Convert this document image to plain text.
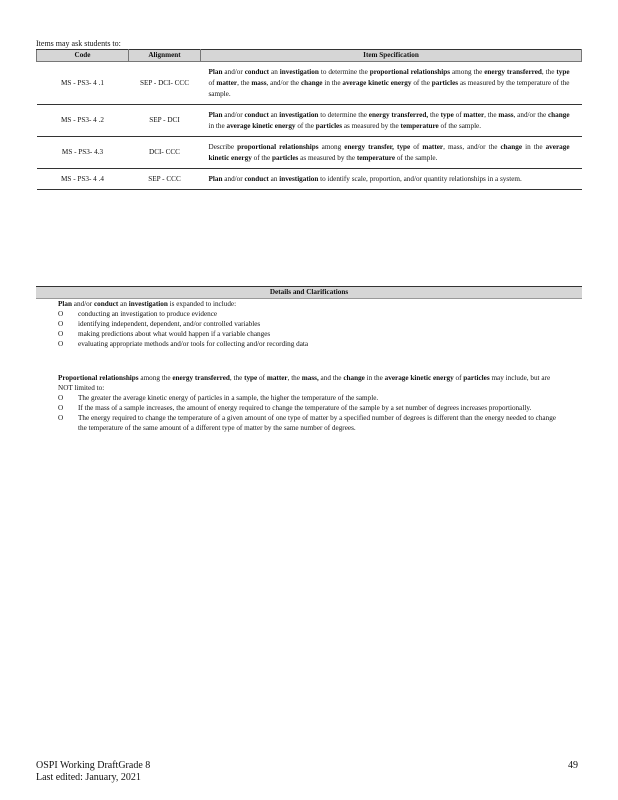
Items may ask students to:
Code	Alignment	Item Specification
MS - PS3- 4 .1	SEP - DCI- CCC	Plan and/or conduct an investigation to determine the proportional relationships among the energy transferred, the type of matter, the mass, and/or the change in the average kinetic energy of the particles as measured by the temperature of the sample.
MS - PS3- 4 .2	SEP - DCI	Plan and/or conduct an investigation to determine the energy transferred, the type of matter, the mass, and/or the change in the average kinetic energy of the particles as measured by the temperature of the sample.
MS - PS3- 4.3	DCI- CCC	Describe proportional relationships among energy transfer, type of matter, mass, and/or the change in the average kinetic energy of the particles as measured by the temperature of the sample.
MS - PS3- 4 .4	SEP - CCC	Plan and/or conduct an investigation to identify scale, proportion, and/or quantity relationships in a system.
Details and Clarifications
Plan and/or conduct an investigation is expanded to include:
O conducting an investigation to produce evidence
O identifying independent, dependent, and/or controlled variables
O making predictions about what would happen if a variable changes
O evaluating appropriate methods and/or tools for collecting and/or recording data
Proportional relationships among the energy transferred, the type of matter, the mass, and the change in the average kinetic energy of particles may include, but are NOT limited to:
O The greater the average kinetic energy of particles in a sample, the higher the temperature of the sample.
O If the mass of a sample increases, the amount of energy required to change the temperature of the sample by a set number of degrees increases proportionally.
O The energy required to change the temperature of a given amount of one type of matter by a specified number of degrees is different than the energy needed to change the temperature of the same amount of a different type of matter by the same number of degrees.
OSPI Working DraftGrade 8
Last edited: January, 2021
49
